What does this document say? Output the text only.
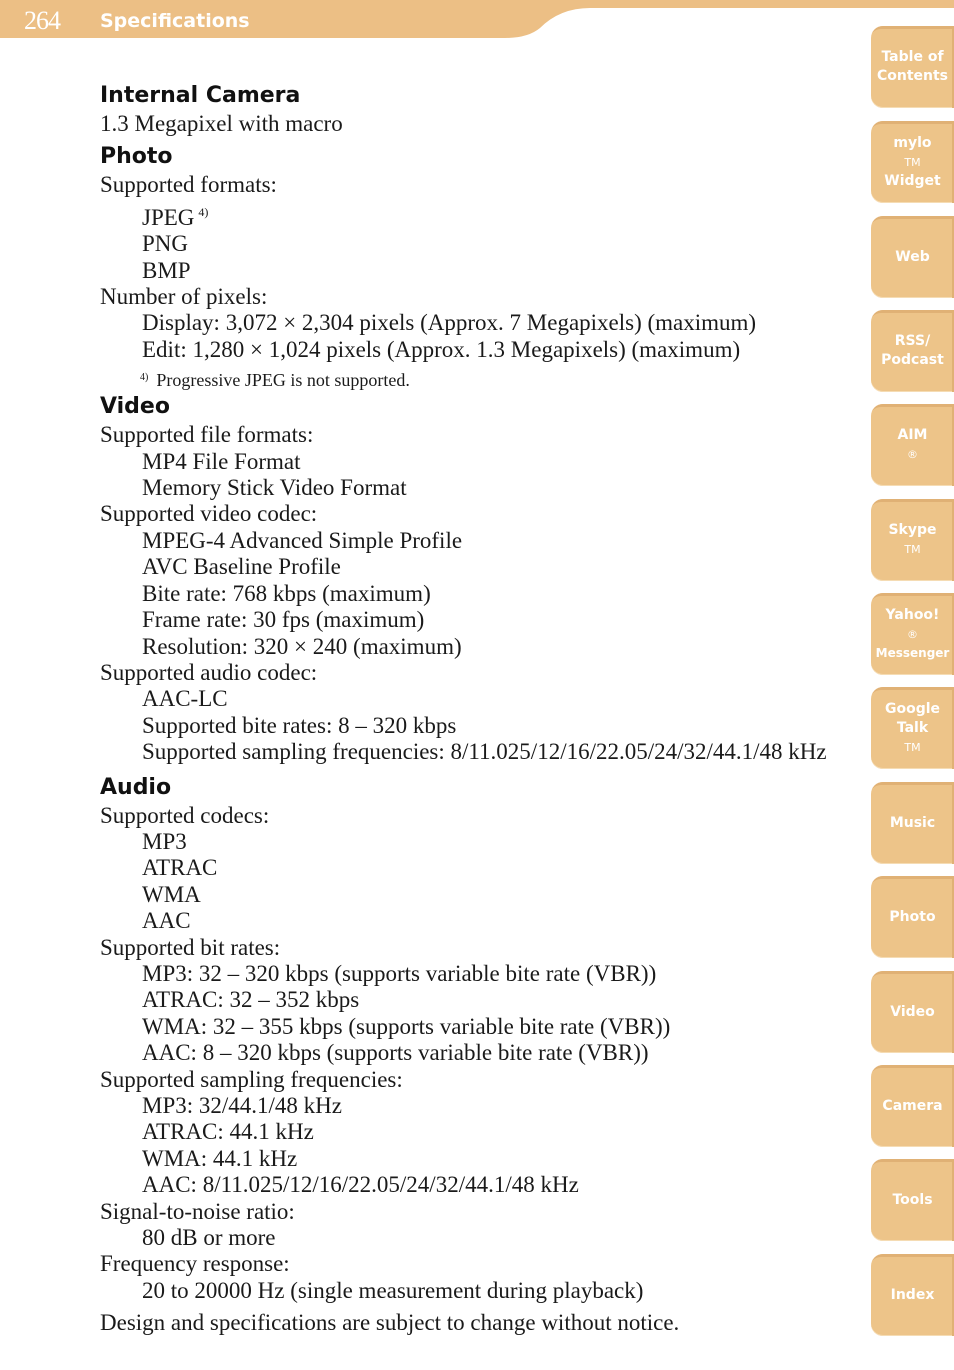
264 Specifications
Internal Camera
1.3 Megapixel with macro
Photo
Supported formats:
JPEG $^{4)}$
PNG
BMP
Number of pixels:
Display: 3,072 × 2,304 pixels (Approx. 7 Megapixels) (maximum)
Edit: 1,280 × 1,024 pixels (Approx. 1.3 Megapixels) (maximum)
$^{4)}$ Progressive JPEG is not supported.
Video
Supported file formats:
MP4 File Format
Memory Stick Video Format
Supported video codec:
MPEG-4 Advanced Simple Profile
AVC Baseline Profile
Bite rate: 768 kbps (maximum)
Frame rate: 30 fps (maximum)
Resolution: 320 × 240 (maximum)
Supported audio codec:
AAC-LC
Supported bite rates: 8 – 320 kbps
Supported sampling frequencies: 8/11.025/12/16/22.05/24/32/44.1/48 kHz
Audio
Supported codecs:
MP3
ATRAC
WMA
AAC
Supported bit rates:
MP3: 32 – 320 kbps (supports variable bite rate (VBR))
ATRAC: 32 – 352 kbps
WMA: 32 – 355 kbps (supports variable bite rate (VBR))
AAC: 8 – 320 kbps (supports variable bite rate (VBR))
Supported sampling frequencies:
MP3: 32/44.1/48 kHz
ATRAC: 44.1 kHz
WMA: 44.1 kHz
AAC: 8/11.025/12/16/22.05/24/32/44.1/48 kHz
Signal-to-noise ratio:
80 dB or more
Frequency response:
20 to 20000 Hz (single measurement during playback)
Design and specifications are subject to change without notice.
Table of
Contents
mylo
TM
Widget
Web
RSS/
Podcast
AIM
®
Skype
TM
Yahoo!
®
Messenger
Google
Talk
TM
Music
Photo
Video
Camera
Tools
Index
